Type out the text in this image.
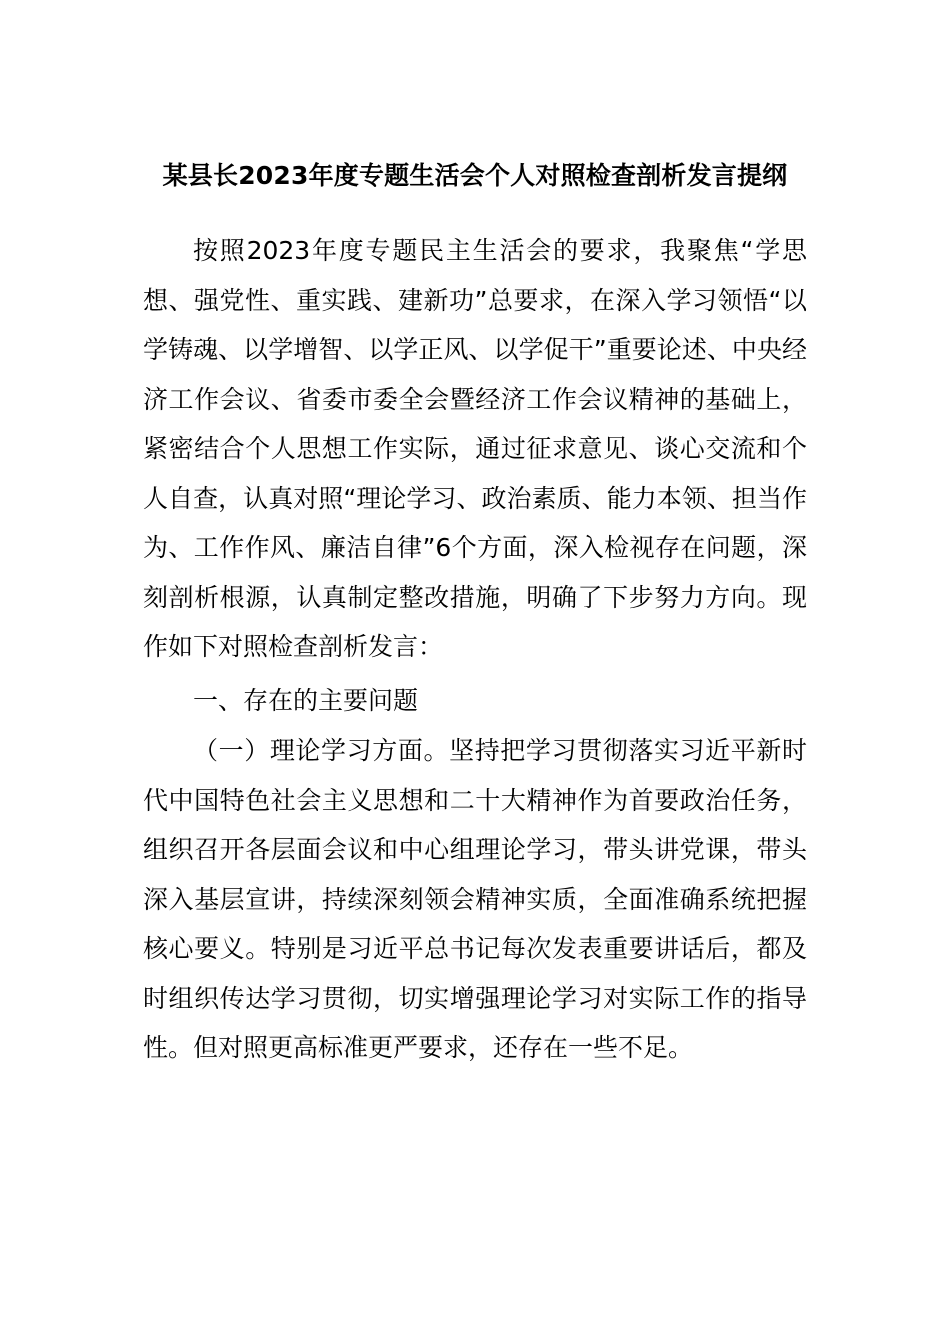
某县长2023年度专题生活会个人对照检查剖析发言提纲

按照2023年度专题民主生活会的要求，我聚焦“学思想、强党性、重实践、建新功”总要求，在深入学习领悟“以学铸魂、以学增智、以学正风、以学促干”重要论述、中央经济工作会议、省委市委全会暨经济工作会议精神的基础上，紧密结合个人思想工作实际，通过征求意见、谈心交流和个人自查，认真对照“理论学习、政治素质、能力本领、担当作为、工作作风、廉洁自律”6个方面，深入检视存在问题，深刻剖析根源，认真制定整改措施，明确了下步努力方向。现作如下对照检查剖析发言：

一、存在的主要问题

（一）理论学习方面。坚持把学习贯彻落实习近平新时代中国特色社会主义思想和二十大精神作为首要政治任务，组织召开各层面会议和中心组理论学习，带头讲党课，带头深入基层宣讲，持续深刻领会精神实质，全面准确系统把握核心要义。特别是习近平总书记每次发表重要讲话后，都及时组织传达学习贯彻，切实增强理论学习对实际工作的指导性。但对照更高标准更严要求，还存在一些不足。
